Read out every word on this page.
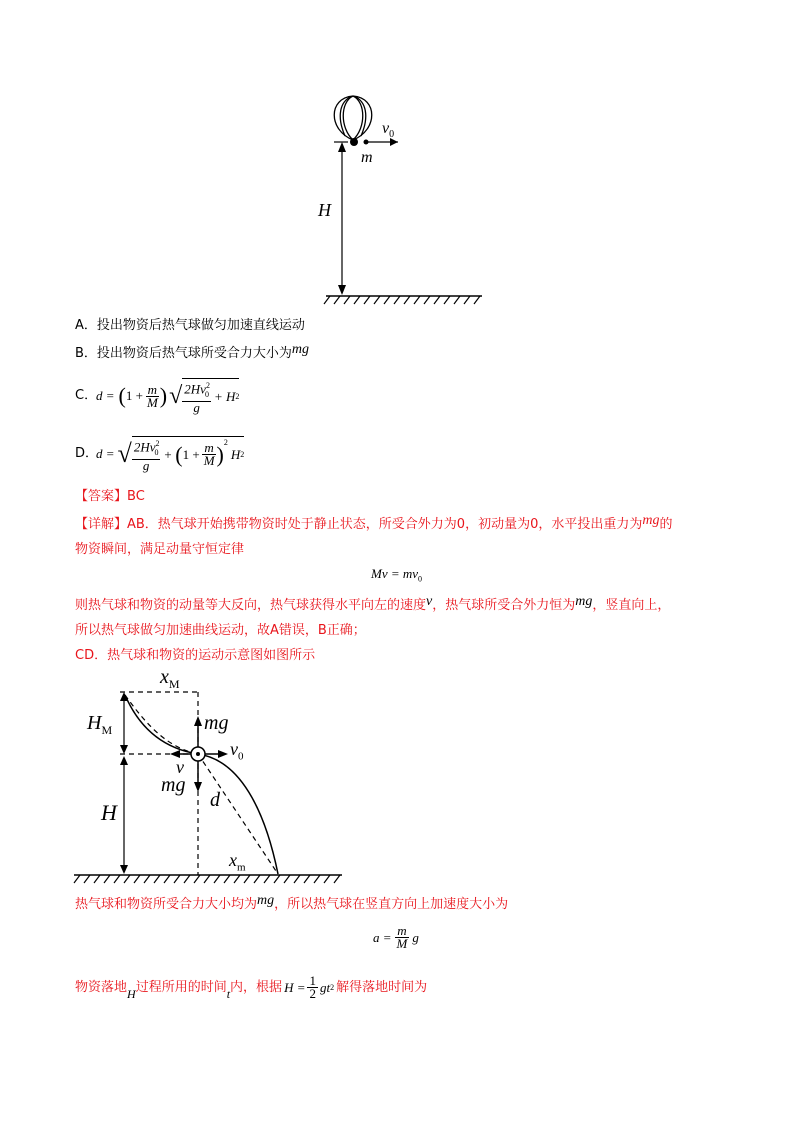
$v_0$
m
H
A．投出物资后热气球做匀加速直线运动
B．投出物资后热气球所受合力大小为mg
C．
d = ( $1 + \frac{m}{M}$ ) √ $\frac{2Hv^2_0}{g} + H$ 2
D．
d = √ $\frac{2Hv^2_0}{g}$ + ( $1 + \frac{m}{M} )^2$
H 2
【答案】BC
【详解】AB．热气球开始携带物资时处于静止状态，所受合外力为0，初动量为0，水平投出重力为mg的
物资瞬间，满足动量守恒定律
$Mv = mv_0$
则热气球和物资的动量等大反向，热气球获得水平向左的速度v，热气球所受合外力恒为mg，竖直向上，
所以热气球做匀加速曲线运动，故A错误，B正确；
CD．热气球和物资的运动示意图如图所示
$x_M$
$H_M$	mg
$v_0$
v
mg
d
H
$x_m$
热气球和物资所受合力大小均为mg，所以热气球在竖直方向上加速度大小为
$a = \frac{m}{M}$ g
物资落地 H 过程所用的时间 t 内，根据 $H = \frac{1}{2}$ gt 2 解得落地时间为
